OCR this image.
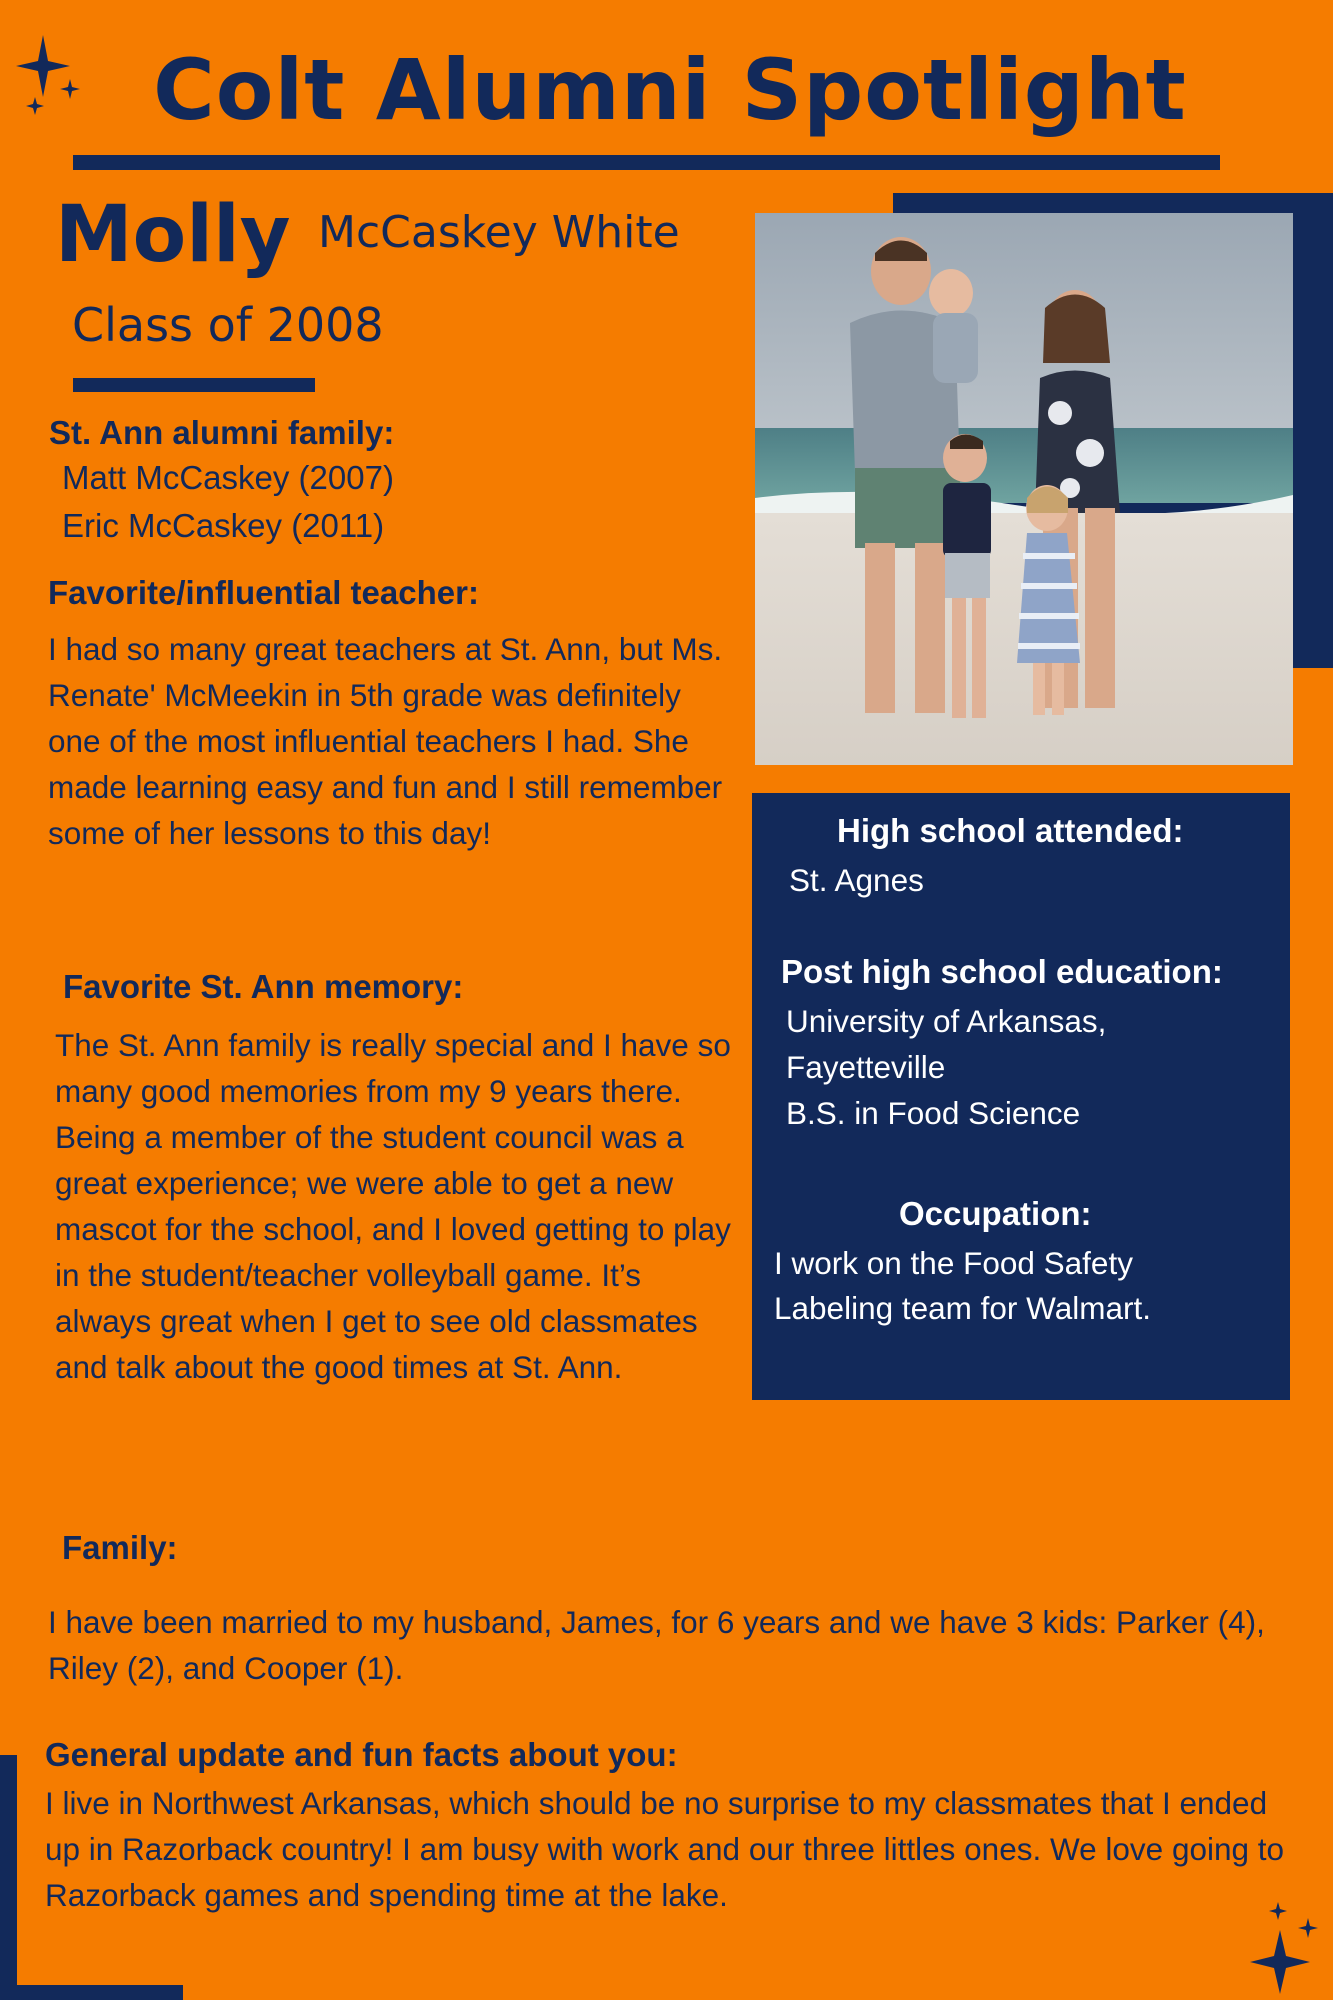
Colt Alumni Spotlight
Molly McCaskey White
Class of 2008

St. Ann alumni family:

Matt McCaskey (2007)
Eric McCaskey (2011)

Favorite/influential teacher:

I had so many great teachers at St. Ann, but Ms. Renate' McMeekin in 5th grade was definitely one of the most influential teachers I had. She made learning easy and fun and I still remember some of her lessons to this day!

Favorite St. Ann memory:

The St. Ann family is really special and I have so many good memories from my 9 years there. Being a member of the student council was a great experience; we were able to get a new mascot for the school, and I loved getting to play in the student/teacher volleyball game. It’s always great when I get to see old classmates and talk about the good times at St. Ann.

Family:

I have been married to my husband, James, for 6 years and we have 3 kids: Parker (4), Riley (2), and Cooper (1).

General update and fun facts about you:

I live in Northwest Arkansas, which should be no surprise to my classmates that I ended up in Razorback country! I am busy with work and our three littles ones. We love going to Razorback games and spending time at the lake.

High school attended:
St. Agnes
Post high school education:
University of Arkansas,
Fayetteville
B.S. in Food Science
Occupation:
I work on the Food Safety
Labeling team for Walmart.
